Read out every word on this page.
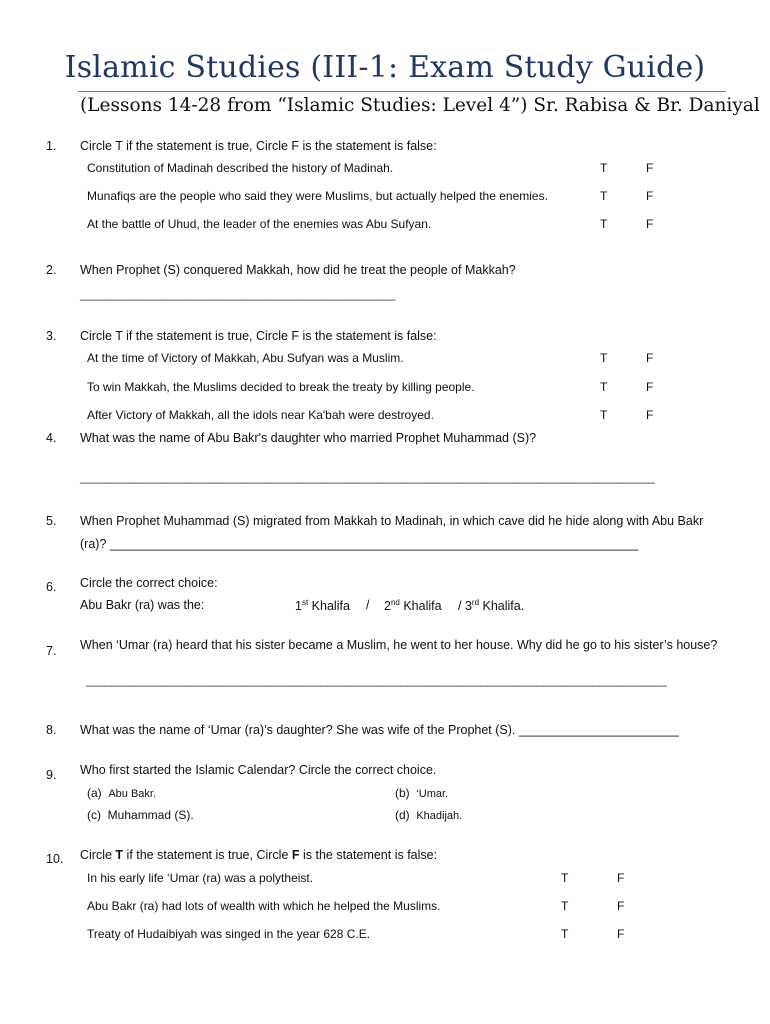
Islamic Studies (III-1: Exam Study Guide)
(Lessons 14-28 from “Islamic Studies: Level 4”) Sr. Rabisa & Br. Daniyal
1. Circle T if the statement is true, Circle F is the statement is false:
Constitution of Madinah described the history of Madinah.	T	F
Munafiqs are the people who said they were Muslims, but actually helped the enemies.	T	F
At the battle of Uhud, the leader of the enemies was Abu Sufyan.	T	F
2. When Prophet (S) conquered Makkah, how did he treat the people of Makkah?
___________________________________________________
3. Circle T if the statement is true, Circle F is the statement is false:
At the time of Victory of Makkah, Abu Sufyan was a Muslim.	T	F
To win Makkah, the Muslims decided to break the treaty by killing people.	T	F
After Victory of Makkah, all the idols near Ka'bah were destroyed.	T	F
4. What was the name of Abu Bakr's daughter who married Prophet Muhammad (S)?
_____________________________________________________________________________________________
5. When Prophet Muhammad (S) migrated from Makkah to Madinah, in which cave did he hide along with Abu Bakr
(ra)? ____________________________________________________________________________
6. Circle the correct choice:
Abu Bakr (ra) was the:	1st Khalifa / 2nd Khalifa / 3rd Khalifa.
7. When ‘Umar (ra) heard that his sister became a Muslim, he went to her house. Why did he go to his sister’s house?
______________________________________________________________________________________________
8. What was the name of ‘Umar (ra)’s daughter? She was wife of the Prophet (S). _______________________
9. Who first started the Islamic Calendar? Circle the correct choice.
(a) Abu Bakr.	(b) ‘Umar.
(c) Muhammad (S).	(d) Khadijah.
10. Circle T if the statement is true, Circle F is the statement is false:
In his early life ‘Umar (ra) was a polytheist.	T	F
Abu Bakr (ra) had lots of wealth with which he helped the Muslims.	T	F
Treaty of Hudaibiyah was singed in the year 628 C.E.	T	F
